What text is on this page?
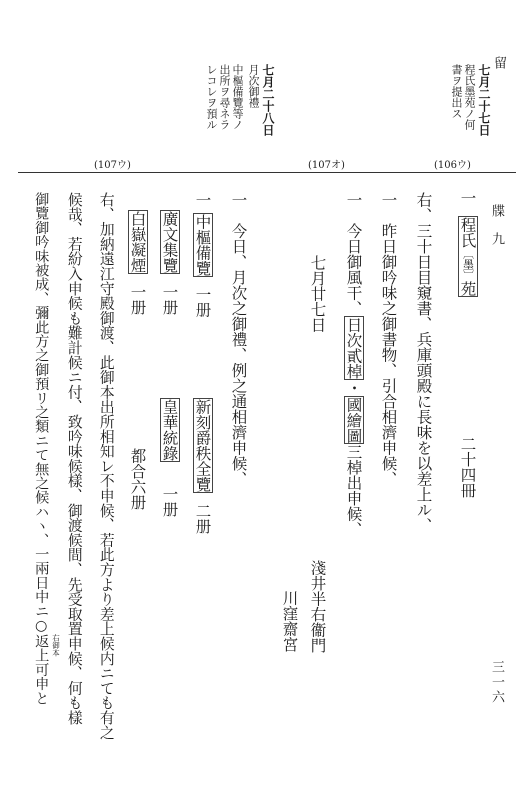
留
牒
九
七月二十七日
程氏墨苑ノ何
書ヲ提出ス
七月二十八日
月次御禮
中樞備覽等ノ
出所ヲ尋ネラ
レコレヲ預ル
(106ウ)
(107オ)
(107ウ)
一程氏〔墨〕苑
二十四冊
右、三十日目窺書、兵庫頭殿に長味を以差上ル、
一　昨日御吟味之御書物、引合相濟申候、
一　今日御風干、日次貳棹・國繪圖三棹出申候、
七月廿七日
淺井半右衞門
川窪齋宮
一　今日、月次之御禮、例之通相濟申候、
一中樞備覽一册
新刻爵秩全覽二册
廣文集覽一册
皇華統錄一册
白嶽凝煙一册
都合六册
右、加納遠江守殿御渡、此御本出所相知レ不申候、若此方より差上候内ニても有之
候哉、若紛入申候も難計候ニ付、致吟味候樣、御渡候間、先受取置申候、何も樣
御覽御吟味被成、彌此方之御預リ之類ニて無之候ハヽ、一兩日中ニ○返上可申と 右御本
三一六
